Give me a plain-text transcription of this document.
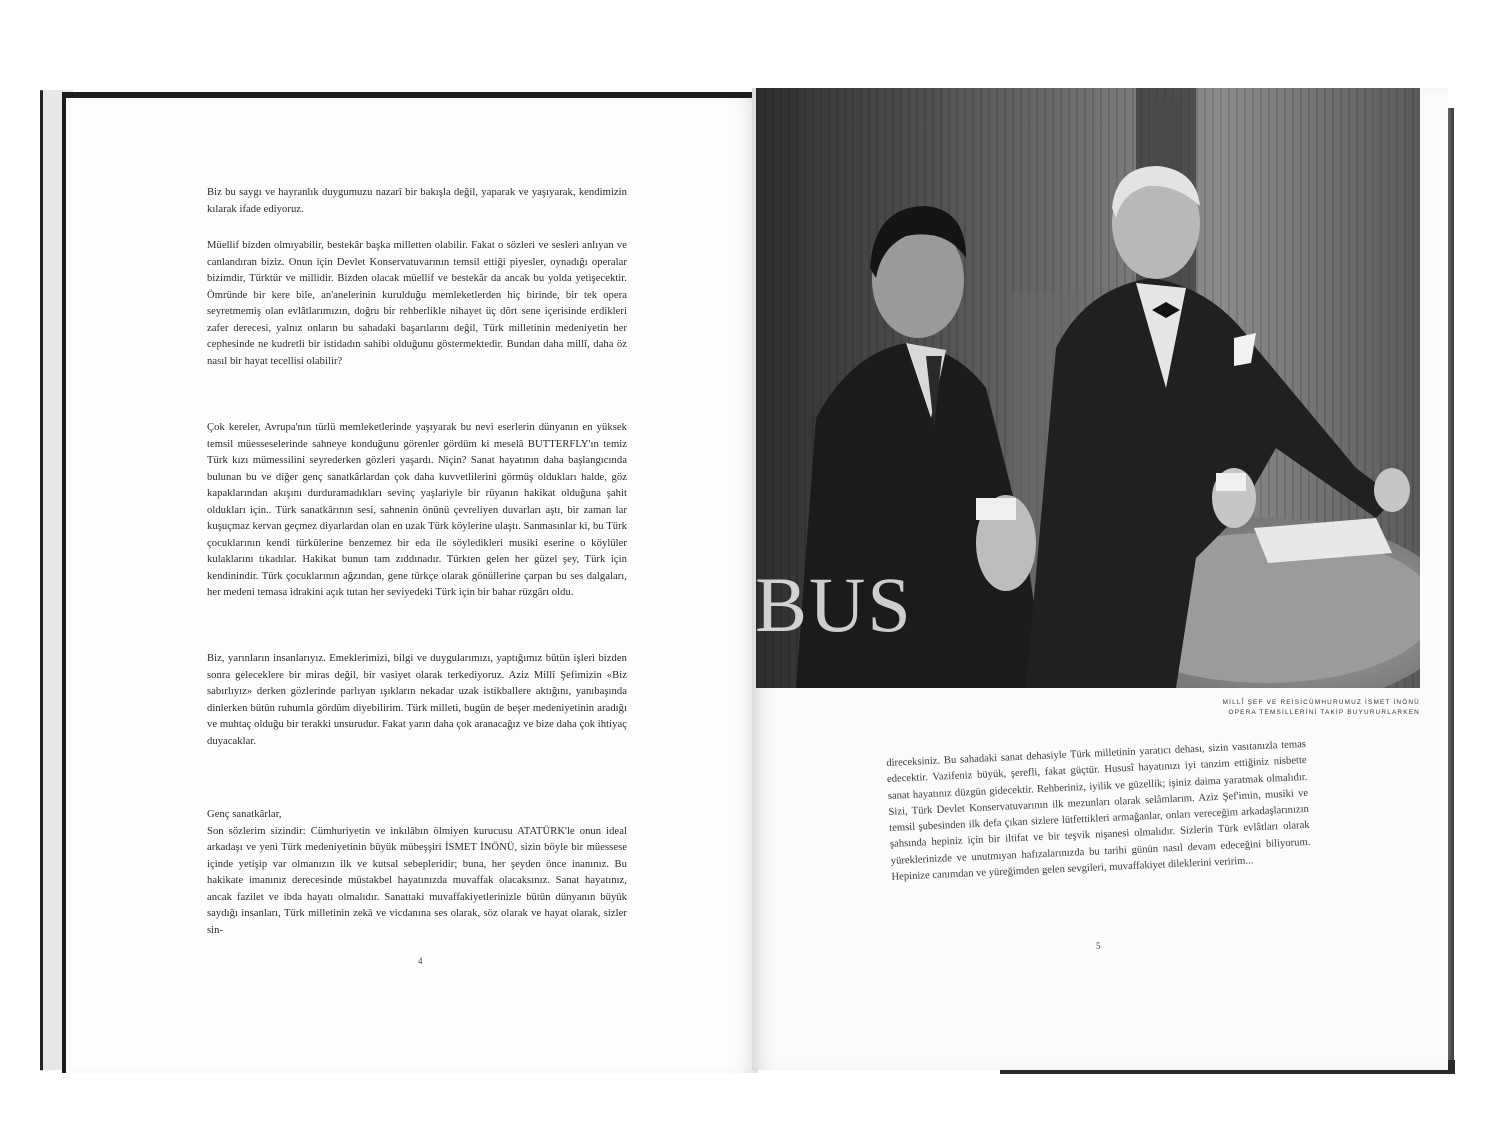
Biz bu saygı ve hayranlık duygumuzu nazarî bir bakışla değil, yaparak ve yaşıyarak, kendimizin kılarak ifade ediyoruz.
Müellif bizden olmıyabilir, bestekâr başka milletten olabilir. Fakat o sözleri ve sesleri anlıyan ve canlandıran biziz. Onun için Devlet Konservatuvarının temsil ettiği piyesler, oynadığı operalar bizimdir, Türktür ve millidir. Bizden olacak müellif ve bestekâr da ancak bu yolda yetişecektir. Ömründe bir kere bile, an'anelerinin kurulduğu memleketlerden hiç birinde, bir tek opera seyretmemiş olan evlâtlarımızın, doğru bir rehberlikle nihayet üç dört sene içerisinde erdikleri zafer derecesi, yalnız onların bu sahadaki başarılarını değil, Türk milletinin medeniyetin her cephesinde ne kudretli bir istidadın sahibi olduğunu göstermektedir. Bundan daha millî, daha öz nasıl bir hayat tecellisi olabilir?
Çok kereler, Avrupa'nın türlü memleketlerinde yaşıyarak bu nevi eserlerin dünyanın en yüksek temsil müesseselerinde sahneye konduğunu görenler gördüm ki meselâ BUTTERFLY'ın temiz Türk kızı mümessilini seyrederken gözleri yaşardı. Niçin? Sanat hayatının daha başlangıcında bulunan bu ve diğer genç sanatkârlardan çok daha kuvvetlilerini görmüş oldukları halde, göz kapaklarından akışını durduramadıkları sevinç yaşlariyle bir rüyanın hakikat olduğuna şahit oldukları için.. Türk sanatkârının sesi, sahnenin önünü çevreliyen duvarları aştı, bir zaman lar kuşuçmaz kervan geçmez diyarlardan olan en uzak Türk köylerine ulaştı. Sanmasınlar ki, bu Türk çocuklarının kendi türkülerine benzemez bir eda ile söyledikleri musiki eserine o köylüler kulaklarını tıkadılar. Hakikat bunun tam zıddınadır. Türkten gelen her güzel şey, Türk için kendinindir. Türk çocuklarının ağzından, gene türkçe olarak gönüllerine çarpan bu ses dalgaları, her medeni temasa idrakini açık tutan her seviyedeki Türk için bir bahar rüzgârı oldu.
Biz, yarınların insanlarıyız. Emeklerimizi, bilgi ve duygularımızı, yaptığımız bütün işleri bizden sonra geleceklere bir miras değil, bir vasiyet olarak terkediyoruz. Aziz Millî Şefimizin «Biz sabırlıyız» derken gözlerinde parlıyan ışıkların nekadar uzak istikballere aktığını, yanıbaşında dinlerken bütün ruhumla gördüm diyebilirim. Türk milleti, bugün de beşer medeniyetinin aradığı ve muhtaç olduğu bir terakki unsurudur. Fakat yarın daha çok aranacağız ve bize daha çok ihtiyaç duyacaklar.

Genç sanatkârlar,

Son sözlerim sizindir: Cümhuriyetin ve inkılâbın ölmiyen kurucusu ATATÜRK'le onun ideal arkadaşı ve yeni Türk medeniyetinin büyük mübeşşiri İSMET İNÖNÜ, sizin böyle bir müessese içinde yetişip var olmanızın ilk ve kutsal sebepleridir; buna, her şeyden önce inanınız. Bu hakikate imanınız derecesinde müstakbel hayatınızda muvaffak olacaksınız. Sanat hayatınız, ancak fazilet ve ibda hayatı olmalıdır. Sanattaki muvaffakiyetlerinizle bütün dünyanın büyük saydığı insanları, Türk milletinin zekâ ve vicdanına ses olarak, söz olarak ve hayat olarak, sizler sin-

4
BUS
MİLLÎ ŞEF VE REİSİCÜMHURUMUZ İSMET İNÖNÜ
OPERA TEMSİLLERİNİ TAKİP BUYURURLARKEN
direceksiniz. Bu sahadaki sanat dehasiyle Türk milletinin yaratıcı dehası, sizin vasıtanızla temas edecektir. Vazifeniz büyük, şerefli, fakat güçtür. Hususî hayatınızı iyi tanzim ettiğiniz nisbette sanat hayatınız düzgün gidecektir. Rehberiniz, iyilik ve güzellik; işiniz daima yaratmak olmalıdır. Sizi, Türk Devlet Konservatuvarının ilk mezunları olarak selâmlarım. Aziz Şef'imin, musiki ve temsil şubesinden ilk defa çıkan sizlere lütfettikleri armağanlar, onları vereceğim arkadaşlarınızın şahsında hepiniz için bir iltifat ve bir teşvik nişanesi olmalıdır. Sizlerin Türk evlâtları olarak yüreklerinizde ve unutmıyan hafızalarınızda bu tarihi günün nasıl devam edeceğini biliyorum. Hepinize canımdan ve yüreğimden gelen sevgileri, muvaffakiyet dileklerini veririm...
5
